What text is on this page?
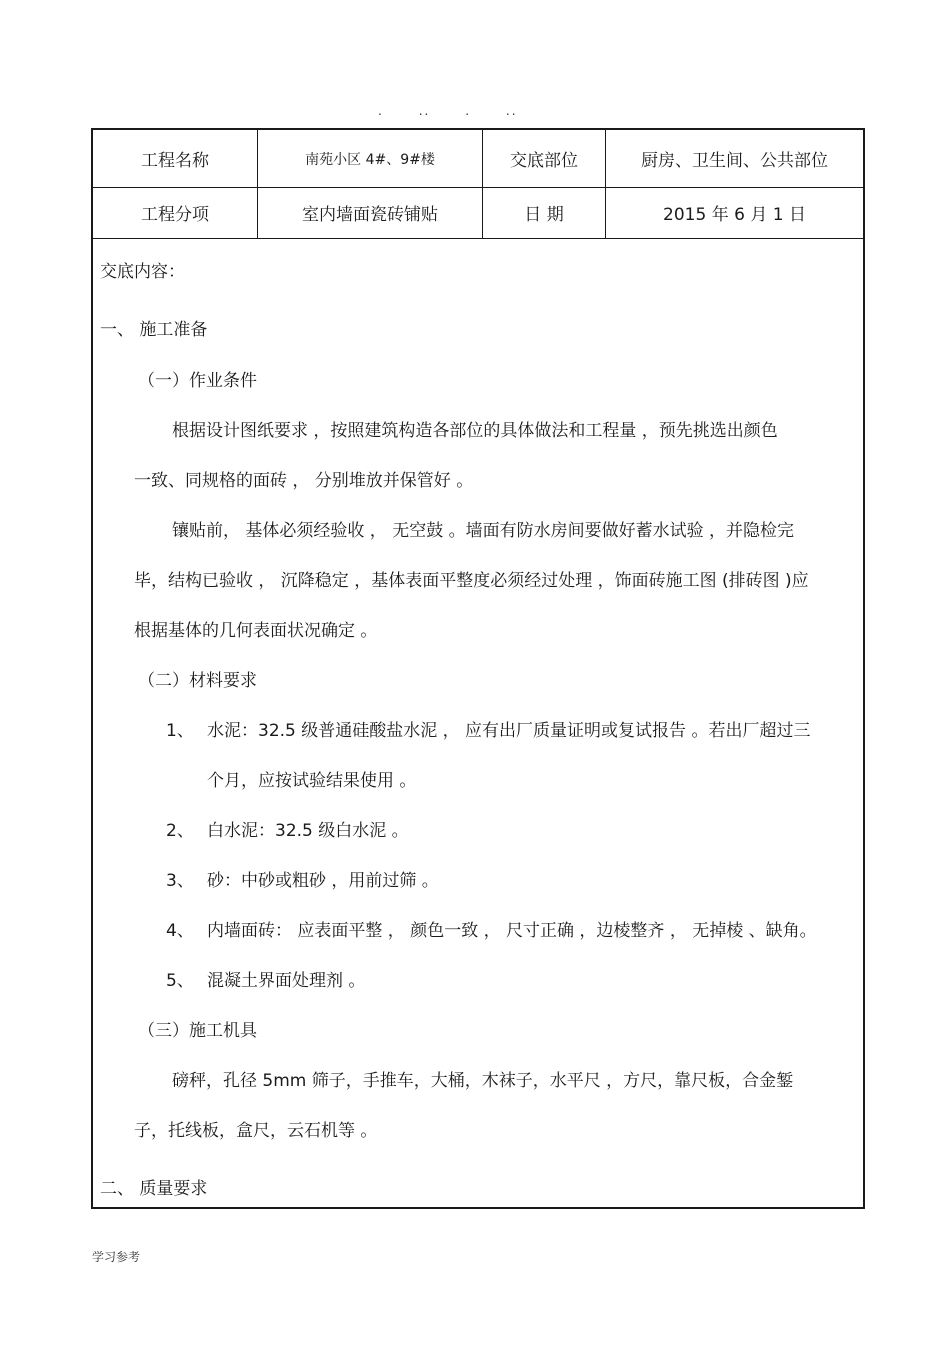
.      ..      .      ..
工程名称	南苑小区 4#、9#楼	交底部位	厨房、卫生间、公共部位
工程分项	室内墙面瓷砖铺贴	日 期	2015 年 6 月 1 日
交底内容：
一、 施工准备
（一）作业条件
根据设计图纸要求 ，按照建筑构造各部位的具体做法和工程量 ，预先挑选出颜色
一致、同规格的面砖 ， 分别堆放并保管好 。
镶贴前， 基体必须经验收 ， 无空鼓 。墙面有防水房间要做好蓄水试验 ，并隐检完
毕，结构已验收 ， 沉降稳定 ，基体表面平整度必须经过处理 ，饰面砖施工图 (排砖图 )应
根据基体的几何表面状况确定 。
（二）材料要求
1、 水泥：32.5 级普通硅酸盐水泥 ， 应有出厂质量证明或复试报告 。若出厂超过三
个月，应按试验结果使用 。
2、 白水泥：32.5 级白水泥 。
3、 砂：中砂或粗砂 ，用前过筛 。
4、 内墙面砖： 应表面平整 ， 颜色一致 ， 尺寸正确 ，边棱整齐 ， 无掉棱 、缺角。
5、 混凝土界面处理剂 。
（三）施工机具
磅秤，孔径 5mm 筛子，手推车，大桶，木袜子，水平尺 ，方尺，靠尺板，合金錾
子，托线板，盒尺，云石机等 。
二、 质量要求
学习参考
